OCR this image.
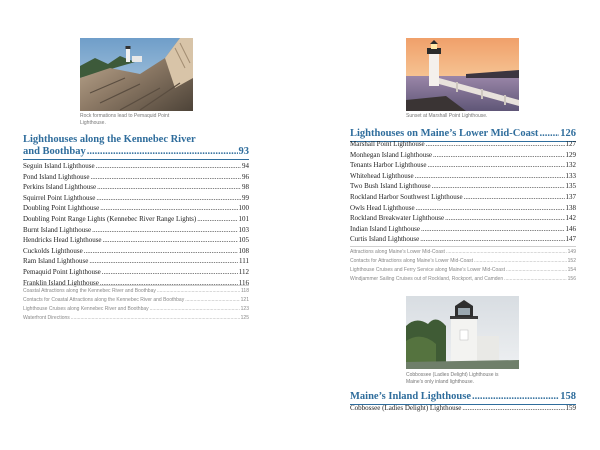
Rock formations lead to Pemaquid Point Lighthouse.
Lighthouses along the Kennebec River
and Boothbay .....	93
Seguin Island Lighthouse .....	94
Pond Island Lighthouse .....	96
Perkins Island Lighthouse .....	98
Squirrel Point Lighthouse .....	99
Doubling Point Lighthouse .....	100
Doubling Point Range Lights (Kennebec River Range Lights) .....	101
Burnt Island Lighthouse .....	103
Hendricks Head Lighthouse .....	105
Cuckolds Lighthouse .....	108
Ram Island Lighthouse .....	111
Pemaquid Point Lighthouse .....	112
Franklin Island Lighthouse .....	116
Coastal Attractions along the Kennebec River and Boothbay .....	118
Contacts for Coastal Attractions along the Kennebec River and Boothbay .....	121
Lighthouse Cruises along Kennebec River and Boothbay .....	123
Waterfront Directions .....	125
Sunset at Marshall Point Lighthouse.
Lighthouses on Maine’s Lower Mid-Coast ..... 126
Marshall Point Lighthouse .....	127
Monhegan Island Lighthouse .....	129
Tenants Harbor Lighthouse .....	132
Whitehead Lighthouse .....	133
Two Bush Island Lighthouse .....	135
Rockland Harbor Southwest Lighthouse .....	137
Owls Head Lighthouse .....	138
Rockland Breakwater Lighthouse .....	142
Indian Island Lighthouse .....	146
Curtis Island Lighthouse .....	147
Attractions along Maine’s Lower Mid-Coast .....	149
Contacts for Attractions along Maine’s Lower Mid-Coast .....	152
Lighthouse Cruises and Ferry Service along Maine’s Lower Mid-Coast .....	154
Windjammer Sailing Cruises out of Rockland, Rockport, and Camden .....	156
Cobbossee (Ladies Delight) Lighthouse is
Maine’s only inland lighthouse.
Maine’s Inland Lighthouse .....	158
Cobbossee (Ladies Delight) Lighthouse .....	159
